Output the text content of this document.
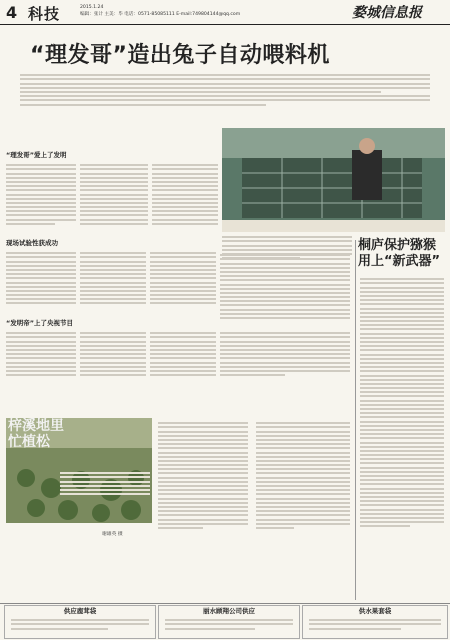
4 科技	2015.1.24
编辑：张计 主美：毕 电话：0571-85085111 E-mail:749804144@qq.com	婺城信息报
“理发哥”造出兔子自动喂料机
“理发哥”爱上了发明
现场试验性获成功
“发明帝”上了央视节目
桐庐保护猕猴
用上“新武器”
梓溪地里
忙植松
谢雄英 摄
供应鹿茸袋	丽水顾翔公司供应	供水果套袋
